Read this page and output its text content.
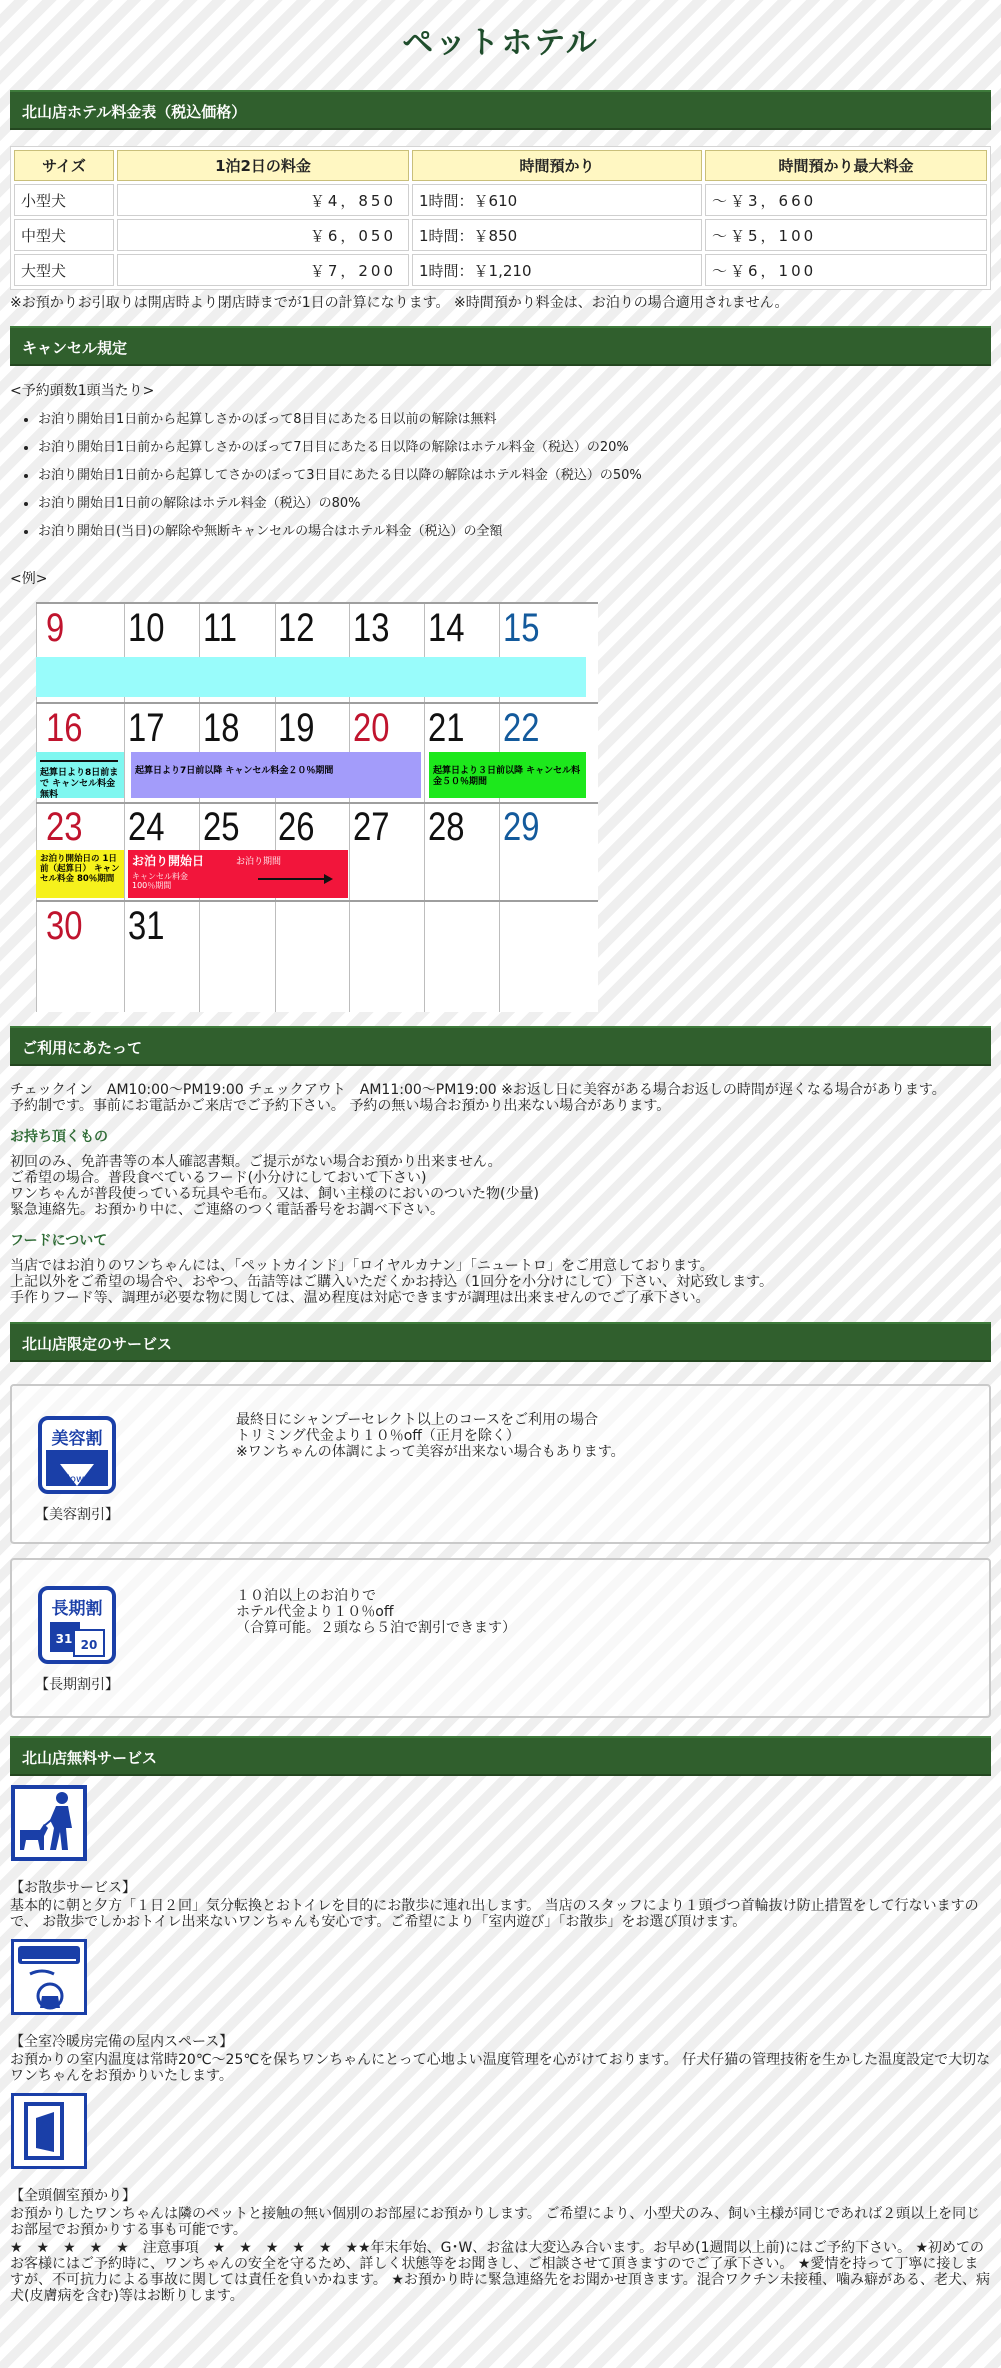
ペットホテル
北山店ホテル料金表（税込価格）
サイズ	1泊2日の料金	時間預かり	時間預かり最大料金
小型犬	￥4，850	1時間：￥610	～￥3，660
中型犬	￥6，050	1時間：￥850	～￥5，100
大型犬	￥7，200	1時間：￥1,210	～￥6，100
※お預かりお引取りは開店時より閉店時までが1日の計算になります。 ※時間預かり料金は、お泊りの場合適用されません。
キャンセル規定
<予約頭数1頭当たり>
• お泊り開始日1日前から起算しさかのぼって8日目にあたる日以前の解除は無料
• お泊り開始日1日前から起算しさかのぼって7日目にあたる日以降の解除はホテル料金（税込）の20%
• お泊り開始日1日前から起算してさかのぼって3日目にあたる日以降の解除はホテル料金（税込）の50%
• お泊り開始日1日前の解除はホテル料金（税込）の80%
• お泊り開始日(当日)の解除や無断キャンセルの場合はホテル料金（税込）の全額
<例>
9 10 11 12 13 14 15
16 17 18 19 20 21 22
起算日より8日前まで キャンセル料金無料
起算日より7日前以降 キャンセル料金２０％期間	起算日より３日前以降 キャンセル料金５０％期間
23 24 25 26 27 28 29
お泊り開始日の 1日前（起算日） キャンセル料金 80％期間
お泊り開始日
キャンセル料金 100％期間
お泊り期間
30 31
ご利用にあたって

チェックイン　AM10:00～PM19:00 チェックアウト　AM11:00～PM19:00 ※お返し日に美容がある場合お返しの時間が遅くなる場合があります。

予約制です。事前にお電話かご来店でご予約下さい。 予約の無い場合お預かり出来ない場合があります。

お持ち頂くもの

初回のみ、免許書等の本人確認書類。ご提示がない場合お預かり出来ません。

ご希望の場合。普段食べているフード(小分けにしておいて下さい)

ワンちゃんが普段使っている玩具や毛布。又は、飼い主様のにおいのついた物(少量)

緊急連絡先。お預かり中に、ご連絡のつく電話番号をお調べ下さい。

フードについて

当店ではお泊りのワンちゃんには、「ペットカインド」「ロイヤルカナン」「ニュートロ」をご用意しております。

上記以外をご希望の場合や、おやつ、缶詰等はご購入いただくかお持込（1回分を小分けにして）下さい、対応致します。

手作りフード等、調理が必要な物に関しては、温め程度は対応できますが調理は出来ませんのでご了承下さい。

北山店限定のサービス
美容割
down
【美容割引】
最終日にシャンプーセレクト以上のコースをご利用の場合
トリミング代金より１０％off（正月を除く）
※ワンちゃんの体調によって美容が出来ない場合もあります。
長期割
31 20
【長期割引】
１０泊以上のお泊りで
ホテル代金より１０％off
（合算可能。２頭なら５泊で割引できます）
北山店無料サービス
【お散歩サービス】

基本的に朝と夕方「１日２回」気分転換とおトイレを目的にお散歩に連れ出します。 当店のスタッフにより１頭づつ首輪抜け防止措置をして行ないますので、 お散歩でしかおトイレ出来ないワンちゃんも安心です。ご希望により「室内遊び」「お散歩」をお選び頂けます。

【全室冷暖房完備の屋内スペース】

お預かりの室内温度は常時20℃～25℃を保ちワンちゃんにとって心地よい温度管理を心がけております。 仔犬仔猫の管理技術を生かした温度設定で大切なワンちゃんをお預かりいたします。

【全頭個室預かり】

お預かりしたワンちゃんは隣のペットと接触の無い個別のお部屋にお預かりします。 ご希望により、小型犬のみ、飼い主様が同じであれば２頭以上を同じお部屋でお預かりする事も可能です。

★　★　★　★　★　注意事項　★　★　★　★　★　★★年末年始、G･W、お盆は大変込み合います。お早め(1週間以上前)にはご予約下さい。 ★初めてのお客様にはご予約時に、ワンちゃんの安全を守るため、詳しく状態等をお聞きし、ご相談させて頂きますのでご了承下さい。 ★愛情を持って丁寧に接しますが、不可抗力による事故に関しては責任を負いかねます。 ★お預かり時に緊急連絡先をお聞かせ頂きます。混合ワクチン未接種、噛み癖がある、老犬、病犬(皮膚病を含む)等はお断りします。
